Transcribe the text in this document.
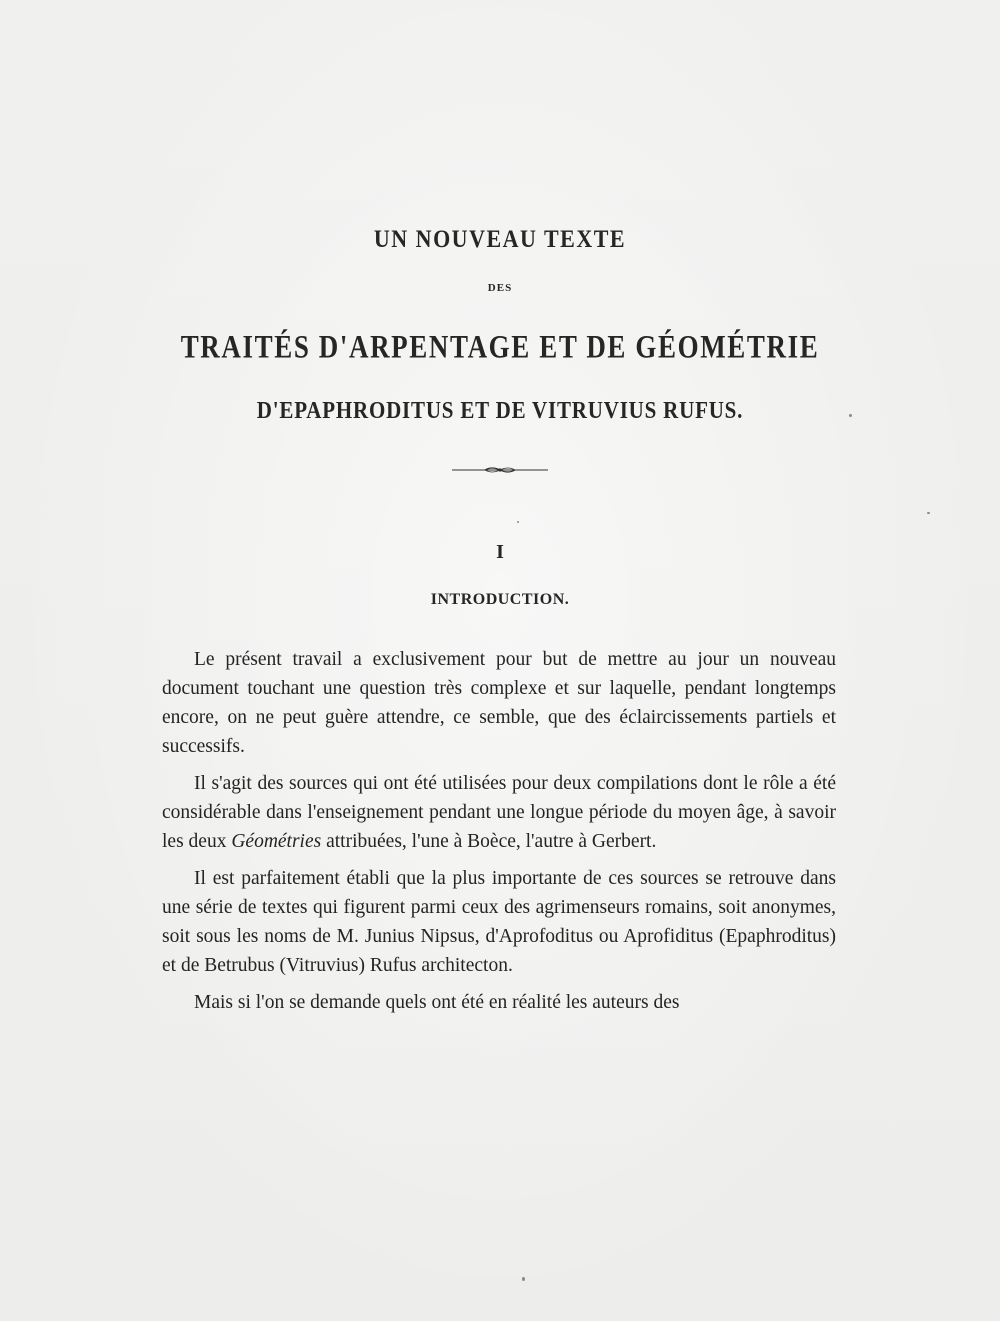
UN NOUVEAU TEXTE
DES
TRAITÉS D'ARPENTAGE ET DE GÉOMÉTRIE
D'EPAPHRODITUS ET DE VITRUVIUS RUFUS.
I
INTRODUCTION.

Le présent travail a exclusivement pour but de mettre au jour un nouveau document touchant une question très complexe et sur laquelle, pendant longtemps encore, on ne peut guère attendre, ce semble, que des éclaircissements partiels et successifs.

Il s'agit des sources qui ont été utilisées pour deux compilations dont le rôle a été considérable dans l'enseignement pendant une longue période du moyen âge, à savoir les deux Géométries attribuées, l'une à Boèce, l'autre à Gerbert.

Il est parfaitement établi que la plus importante de ces sources se retrouve dans une série de textes qui figurent parmi ceux des agrimenseurs romains, soit anonymes, soit sous les noms de M. Junius Nipsus, d'Aprofoditus ou Aprofiditus (Epaphroditus) et de Betrubus (Vitruvius) Rufus architecton.

Mais si l'on se demande quels ont été en réalité les auteurs des
